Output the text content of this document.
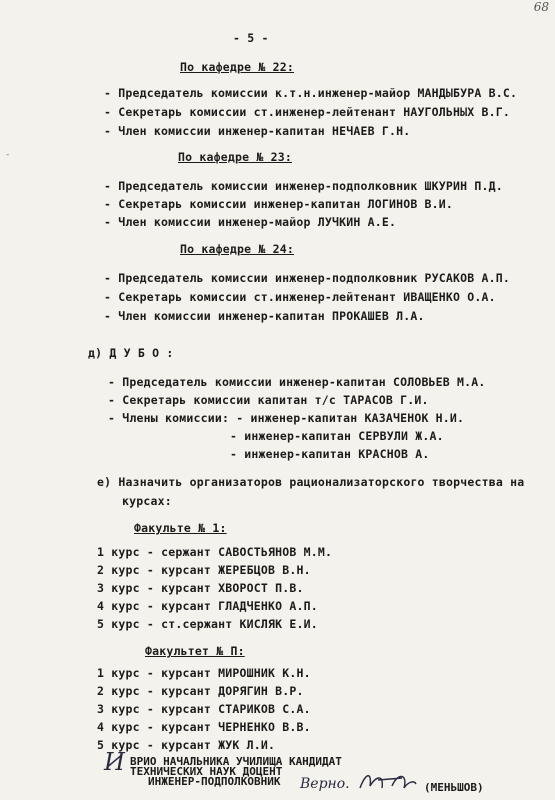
68
-
- 5 -
По кафедре № 22:
- Председатель комиссии к.т.н.инженер-майор МАНДЫБУРА В.С.
- Секретарь комиссии ст.инженер-лейтенант НАУГОЛЬНЫХ В.Г.
- Член комиссии инженер-капитан НЕЧАЕВ Г.Н.
По кафедре № 23:
- Председатель комиссии инженер-подполковник ШКУРИН П.Д.
- Секретарь комиссии инженер-капитан ЛОГИНОВ В.И.
- Член комиссии инженер-майор ЛУЧКИН А.Е.
По кафедре № 24:
- Председатель комиссии инженер-подполковник РУСАКОВ А.П.
- Секретарь комиссии ст.инженер-лейтенант ИВАЩЕНКО О.А.
- Член комиссии инженер-капитан ПРОКАШЕВ Л.А.
д) Д У Б О :
- Председатель комиссии инженер-капитан СОЛОВЬЕВ М.А.
- Секретарь комиссии капитан т/с ТАРАСОВ Г.И.
- Члены комиссии: - инженер-капитан КАЗАЧЕНОК Н.И.
- инженер-капитан СЕРВУЛИ Ж.А.
- инженер-капитан КРАСНОВ А.
е) Назначить организаторов рационализаторского творчества на
курсах:
Факульте № 1:
1 курс - сержант САВОСТЬЯНОВ М.М.
2 курс - курсант ЖЕРЕБЦОВ В.Н.
3 курс - курсант ХВОРОСТ П.В.
4 курс - курсант ГЛАДЧЕНКО А.П.
5 курс - ст.сержант КИСЛЯК Е.И.
Факультет № П:
1 курс - курсант МИРОШНИК К.Н.
2 курс - курсант ДОРЯГИН В.Р.
3 курс - курсант СТАРИКОВ С.А.
4 курс - курсант ЧЕРНЕНКО В.В.
5 курс - курсант ЖУК Л.И.
И ВРИО НАЧАЛЬНИКА УЧИЛИЩА КАНДИДАТ
ТЕХНИЧЕСКИХ НАУК ДОЦЕНТ
ИНЖЕНЕР-ПОДПОЛКОВНИК Верно.	(МЕНЬШОВ)
